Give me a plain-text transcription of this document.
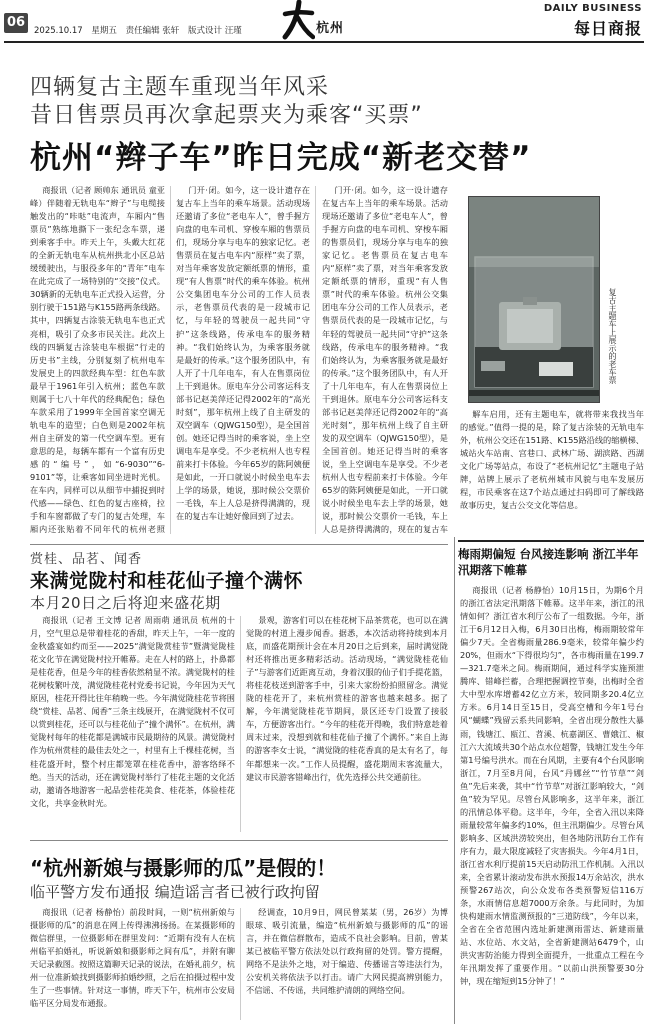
06
2025.10.17 星期五 责任编辑 张轩 版式设计 汪瑾	杭州
DAILY BUSINESS
每日商报
四辆复古主题车重现当年风采
昔日售票员再次拿起票夹为乘客“买票”
杭州“辫子车”昨日完成“新老交替”
商报讯（记者 顾帅东 通讯员 童亚峰）伴随着无轨电车“辫子”与电缆接触发出的“咔哒”电流声，车厢内“售票员”熟练地撕下一张纪念车票，递到乘客手中。昨天上午，头戴大红花的全新无轨电车从杭州拱北小区总站缓缓驶出，与服役多年的“青年”电车在此完成了一场特别的“交接”仪式。30辆新的无轨电车正式投入运营，分别行驶于151路与K155路两条线路。其中，四辆复古涂装无轨电车也正式亮相，吸引了众多市民关注。此次上线的四辆复古涂装电车根据“行走的历史书”主线，分别复刻了杭州电车发展史上的四款经典车型：红色车款最早于1961年引入杭州；蓝色车款则属于七八十年代的经典配色；绿色车款采用了1999年全国首家空调无轨电车的造型；白色则是2002年杭州自主研发的第一代空调车型。更有意思的是，每辆车都有一个富有历史感的“编号”，如“6-9030”“6-9101”等，让乘客如同坐进时光机。在车内，同样可以从细节中捕捉到时代感——绿色、红色的复古座椅，拉手和车窗都做了专门的复古处理，车厢内还张贴着不同年代的杭州老照
门开·闭。如今，这一设计遗存在复古车上当年的乘车场景。活动现场还邀请了多位“老电车人”，曾手握方向盘的电车司机、穿梭车厢的售票员们，现场分享与电车的独家记忆。老售票员在复古电车内“原样”卖了票，对当年乘客发放定额纸票的情形，重现“有人售票”时代的乘车体验。杭州公交集团电车分公司的工作人员表示，老售票员代表的是一段城市记忆，与年轻的驾驶员一起共同“守护”这条线路，传承电车的服务精神。“我们始终认为，为乘客服务就是最好的传承。”这个服务团队中，有人开了十几年电车，有人在售票岗位上干到退休。原电车分公司客运科支部书记赵美萍还记得2002年的“高光时刻”，那年杭州上线了自主研发的双空调车（QJWG150型），是全国首创。她还记得当时的乘客说，坐上空调电车是享受。不少老杭州人也专程前来打卡体验。今年65岁的陈阿姨便是如此，一开口就说小时候坐电车去上学的场景，她说，那时候公交票价一毛钱，车上人总是挤得满满的，现在的复古车让她好像回到了过去。
门开·闭。如今，这一设计遗存在复古车上当年的乘车场景。活动现场还邀请了多位“老电车人”，曾手握方向盘的电车司机、穿梭车厢的售票员们，现场分享与电车的独家记忆。老售票员在复古电车内“原样”卖了票，对当年乘客发放定额纸票的情形，重现“有人售票”时代的乘车体验。杭州公交集团电车分公司的工作人员表示，老售票员代表的是一段城市记忆，与年轻的驾驶员一起共同“守护”这条线路，传承电车的服务精神。“我们始终认为，为乘客服务就是最好的传承。”这个服务团队中，有人开了十几年电车，有人在售票岗位上干到退休。原电车分公司客运科支部书记赵美萍还记得2002年的“高光时刻”，那年杭州上线了自主研发的双空调车（QJWG150型），是全国首创。她还记得当时的乘客说，坐上空调电车是享受。不少老杭州人也专程前来打卡体验。今年65岁的陈阿姨便是如此，一开口就说小时候坐电车去上学的场景，她说，那时候公交票价一毛钱，车上人总是挤得满满的，现在的复古车
解车启用，还有主题电车，就将带来我找当年的感觉。”值得一提的是，除了复古涂装的无轨电车外，杭州公交还在151路、K155路沿线的缩横梯、城站火车站南、宫巷口、武林广场、湖滨路、西湖文化广场等站点，布设了“老杭州记忆”主题电子站牌，站牌上展示了老杭州城市风貌与电车发展历程，市民乘客在这7个站点通过扫码即可了解线路故事历史，复古公交文化等信息。
复古主题车上展示的老车票
赏桂、品茗、闻香
来满觉陇村和桂花仙子撞个满怀
本月20日之后将迎来盛花期
商报讯（记者 王文博 记者 周雨萌 通讯员 杭州的十月，空气里总是带着桂花的香甜，昨天上午，一年一度的金秋盛宴如约而至——2025“满觉陇赏桂节”暨满觉陇桂花文化节在满觉陇村拉开帷幕。走在人村的路上，扑鼻都是桂花香，但是今年的桂香依然稍显不浓。满觉陇村的桂花树枝繁叶茂，满觉陇桂花村党委书记说，今年因为天气原因，桂花开得比往年稍晚一些。今年满觉陇桂花节将围绕“赏桂、品茗、闻香”三条主线展开，在满觉陇村不仅可以赏到桂花，还可以与桂花仙子“撞个满怀”。在杭州，满觉陇村每年的桂花都是满城市民最期待的风景。满觉陇村作为杭州赏桂的最佳去处之一，村里有上千棵桂花树，当桂花盛开时，整个村庄都笼罩在桂花香中，游客络绎不绝。当天的活动，还在满觉陇村举行了桂花主题的文化活动，邀请各地游客一起品尝桂花美食、桂花茶，体验桂花文化，共享金秋时光。
景观，游客们可以在桂花树下品茶赏花，也可以在满觉陇的村道上漫步闻香。据悉，本次活动将持续到本月底，而盛花期预计会在本月20日之后到来，届时满觉陇村还将推出更多精彩活动。活动现场，“满觉陇桂花仙子”与游客们近距离互动，身着汉服的仙子们手提花篮，将桂花枝送到游客手中，引来大家纷纷拍照留念。满觉陇的桂花开了，来杭州赏桂的游客也越来越多。据了解，今年满觉陇桂花节期间，景区还专门设置了接驳车，方便游客出行。“今年的桂花开得晚，我们特意趁着周末过来，没想到就和桂花仙子撞了个满怀。”来自上海的游客李女士说，“满觉陇的桂花香真的是太有名了，每年都想来一次。”工作人员提醒，盛花期周末客流量大，建议市民游客错峰出行，优先选择公共交通前往。
“杭州新娘与摄影师的瓜”是假的！
临平警方发布通报 编造谣言者已被行政拘留
商报讯（记者 杨静怡）前段时间，一则“杭州新娘与摄影师的瓜”的消息在网上传得沸沸扬扬。在某摄影师的微信群里，一位摄影师在群里发问：“近期有没有人在杭州临平拍婚礼，听说新娘和摄影师之间有瓜”，并附有聊天记录截图。按照这篇聊天记录的说法，在婚礼前夕，杭州一位准新娘找到摄影师拍婚纱照，之后在拍摄过程中发生了一些事情。针对这一事情，昨天下午，杭州市公安局临平区分局发布通报。
经调查，10月9日，网民曾某某（男，26岁）为博眼球、吸引流量，编造“杭州新娘与摄影师的瓜”的谣言，并在微信群散布，造成不良社会影响。目前，曾某某已被临平警方依法处以行政拘留的处罚。警方提醒，网络不是法外之地，对于编造、传播谣言等违法行为，公安机关将依法予以打击。请广大网民提高辨别能力，不信谣、不传谣，共同维护清朗的网络空间。
梅雨期偏短 台风接连影响 浙江半年汛期落下帷幕
商报讯（记者 杨静怡）10月15日，为期6个月的浙江省法定汛期落下帷幕。这半年来，浙江的汛情如何？浙江省水利厅公布了一组数据。今年，浙江于6月12日入梅，6月30日出梅，梅雨期较常年偏少7天。全省梅雨量286.9毫米，较常年偏少约20%，但雨水“下得很均匀”，各市梅雨量在199.7—321.7毫米之间。梅雨期间，通过科学实施预泄腾库、错峰拦蓄，合理把握调控节奏，出梅时全省大中型水库增蓄42亿立方米，较同期多20.4亿立方米。6月14日至15日，受高空槽和今年1号台风“蝴蝶”残留云系共同影响，全省出现分散性大暴雨，钱塘江、瓯江、苕溪、杭嘉湖区、曹娥江、椒江六大流域共30个站点水位超警，钱塘江发生今年第1号编号洪水。而在台风期，主要有4个台风影响浙江，7月至8月间，台风“丹娜丝”“竹节草”“剑鱼”先后来袭，其中“竹节草”对浙江影响较大，“剑鱼”较为罕见。尽管台风影响多，这半年来，浙江的汛情总体平稳。这半年，今年，全省入汛以来降雨量较常年偏多约10%，但主汛期偏少。尽管台风影响多、区域洪涝较突出，但各地防汛防台工作有序有力，最大限度减轻了灾害损失。今年4月1日，浙江省水利厅提前15天启动防汛工作机制。入汛以来，全省累计滚动发布洪水预报14万余站次，洪水预警267站次，向公众发布各类预警短信116万条，水雨情信息超7000万余条。与此同时，为加快构建雨水情监测预报的“三道防线”，今年以来，全省在全省范围内选址新建测雨雷达、新建雨量站、水位站、水文站，全省新建测站6479个，山洪灾害防治能力得到全面提升，一批重点工程在今年汛期发挥了重要作用。“以前山洪预警要30分钟，现在缩短到15分钟了！”
